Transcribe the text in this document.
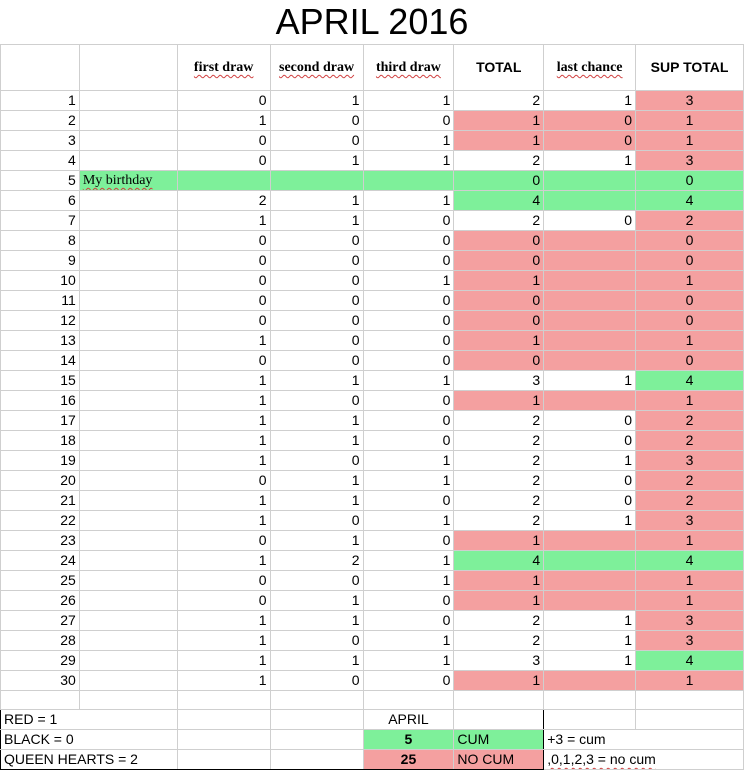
APRIL 2016
		first draw	second draw	third draw	TOTAL	last chance	SUP TOTAL
1		0	1	1	2	1	3
2		1	0	0	1	0	1
3		0	0	1	1	0	1
4		0	1	1	2	1	3
5	My birthday				0		0
6		2	1	1	4		4
7		1	1	0	2	0	2
8		0	0	0	0		0
9		0	0	0	0		0
10		0	0	1	1		1
11		0	0	0	0		0
12		0	0	0	0		0
13		1	0	0	1		1
14		0	0	0	0		0
15		1	1	1	3	1	4
16		1	0	0	1		1
17		1	1	0	2	0	2
18		1	1	0	2	0	2
19		1	0	1	2	1	3
20		0	1	1	2	0	2
21		1	1	0	2	0	2
22		1	0	1	2	1	3
23		0	1	0	1		1
24		1	2	1	4		4
25		0	0	1	1		1
26		0	1	0	1		1
27		1	1	0	2	1	3
28		1	0	1	2	1	3
29		1	1	1	3	1	4
30		1	0	0	1		1

RED = 1				APRIL			
BLACK = 0				5	CUM	+3 = cum	
QUEEN HEARTS = 2				25	NO CUM	,0,1,2,3 = no cum	
